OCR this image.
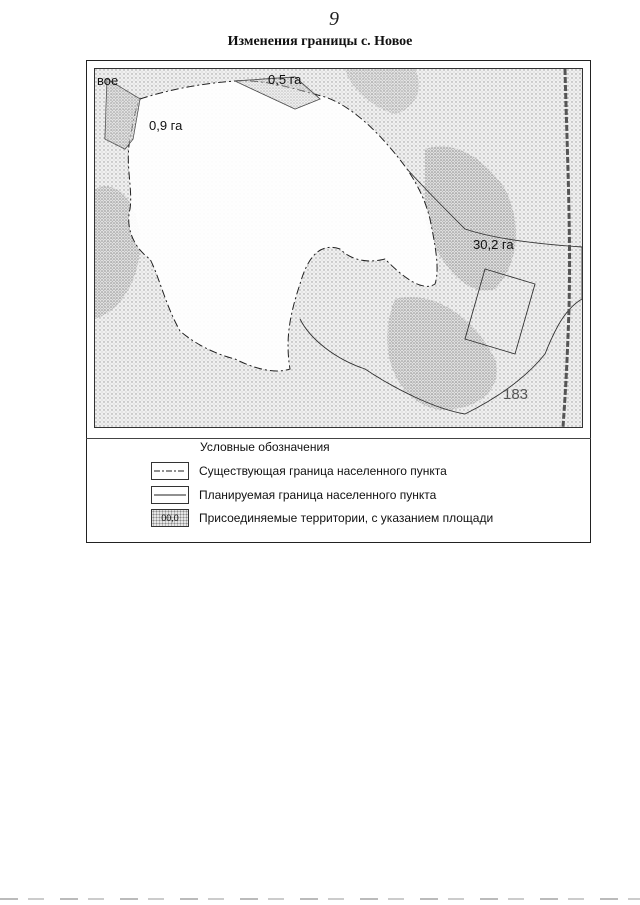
9
Изменения границы с. Новое
вое
0,9 га
0,5 га
30,2 га
183
Условные обозначения
Существующая граница населенного пункта
Планируемая граница населенного пункта
00,0	Присоединяемые территории, с указанием площади
